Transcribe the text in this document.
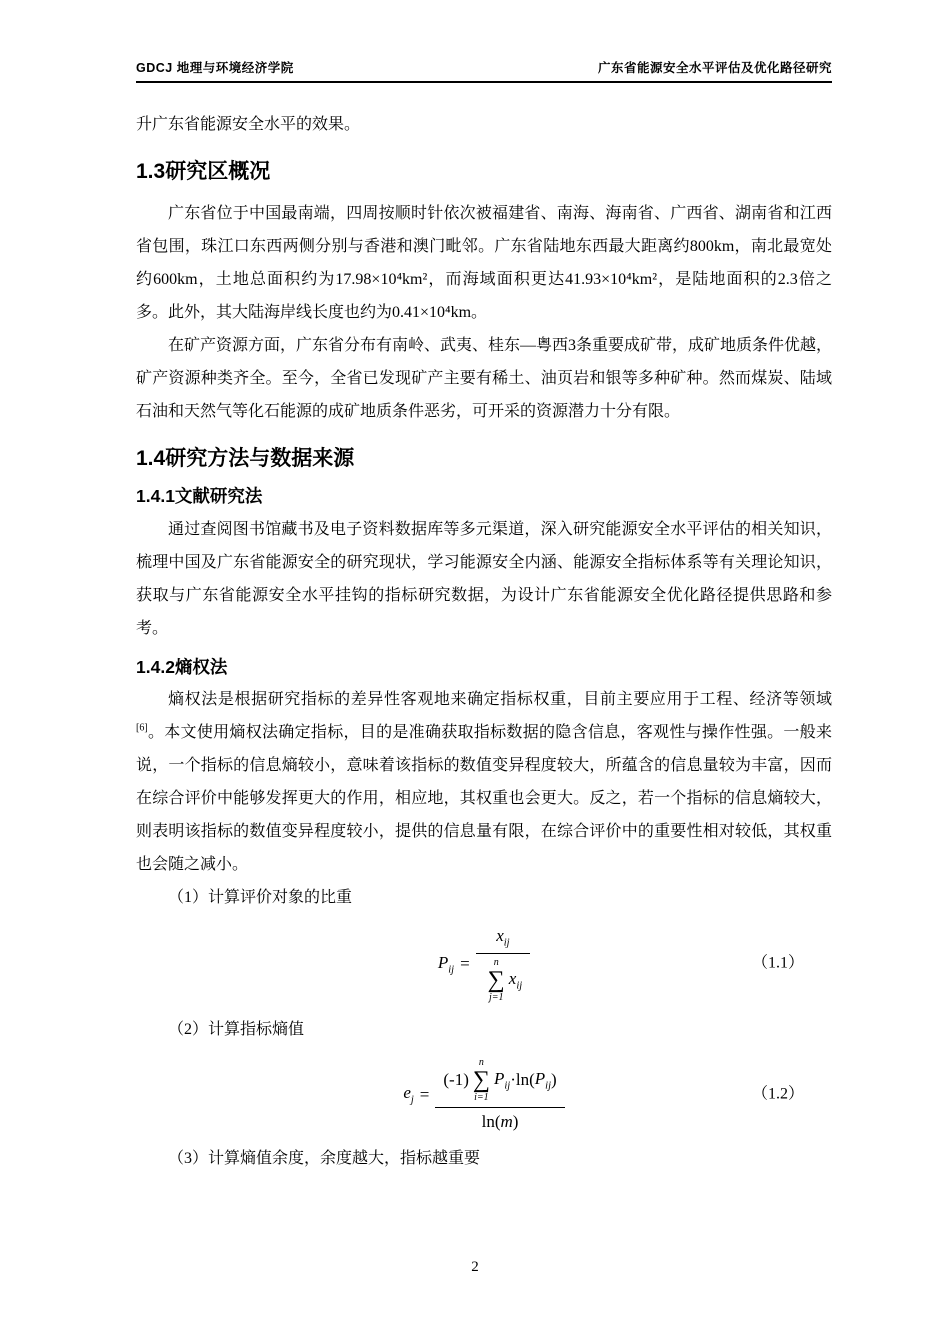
GDCJ 地理与环境经济学院	广东省能源安全水平评估及优化路径研究

升广东省能源安全水平的效果。

1.3研究区概况

广东省位于中国最南端，四周按顺时针依次被福建省、南海、海南省、广西省、湖南省和江西省包围，珠江口东西两侧分别与香港和澳门毗邻。广东省陆地东西最大距离约800km，南北最宽处约600km，土地总面积约为17.98×10⁴km²，而海域面积更达41.93×10⁴km²，是陆地面积的2.3倍之多。此外，其大陆海岸线长度也约为0.41×10⁴km。

在矿产资源方面，广东省分布有南岭、武夷、桂东—粤西3条重要成矿带，成矿地质条件优越，矿产资源种类齐全。至今，全省已发现矿产主要有稀土、油页岩和银等多种矿种。然而煤炭、陆域石油和天然气等化石能源的成矿地质条件恶劣，可开采的资源潜力十分有限。

1.4研究方法与数据来源
1.4.1文献研究法

通过查阅图书馆藏书及电子资料数据库等多元渠道，深入研究能源安全水平评估的相关知识，梳理中国及广东省能源安全的研究现状，学习能源安全内涵、能源安全指标体系等有关理论知识，获取与广东省能源安全水平挂钩的指标研究数据，为设计广东省能源安全优化路径提供思路和参考。

1.4.2熵权法

熵权法是根据研究指标的差异性客观地来确定指标权重，目前主要应用于工程、经济等领域[6]。本文使用熵权法确定指标，目的是准确获取指标数据的隐含信息，客观性与操作性强。一般来说，一个指标的信息熵较小，意味着该指标的数值变异程度较大，所蕴含的信息量较为丰富，因而在综合评价中能够发挥更大的作用，相应地，其权重也会更大。反之，若一个指标的信息熵较大，则表明该指标的数值变异程度较小，提供的信息量有限，在综合评价中的重要性相对较低，其权重也会随之减小。

（1）计算评价对象的比重

$P_{ij}$ =
$x_{ij}$
n
∑
j=1
$x_{ij}$
（1.1）

（2）计算指标熵值

$e_j$ =
(-1)
n
∑
i=1
$P_{ij} \cdot\ln$( $P_{ij}$ )
ln( m )
（1.2）

（3）计算熵值余度，余度越大，指标越重要

2
